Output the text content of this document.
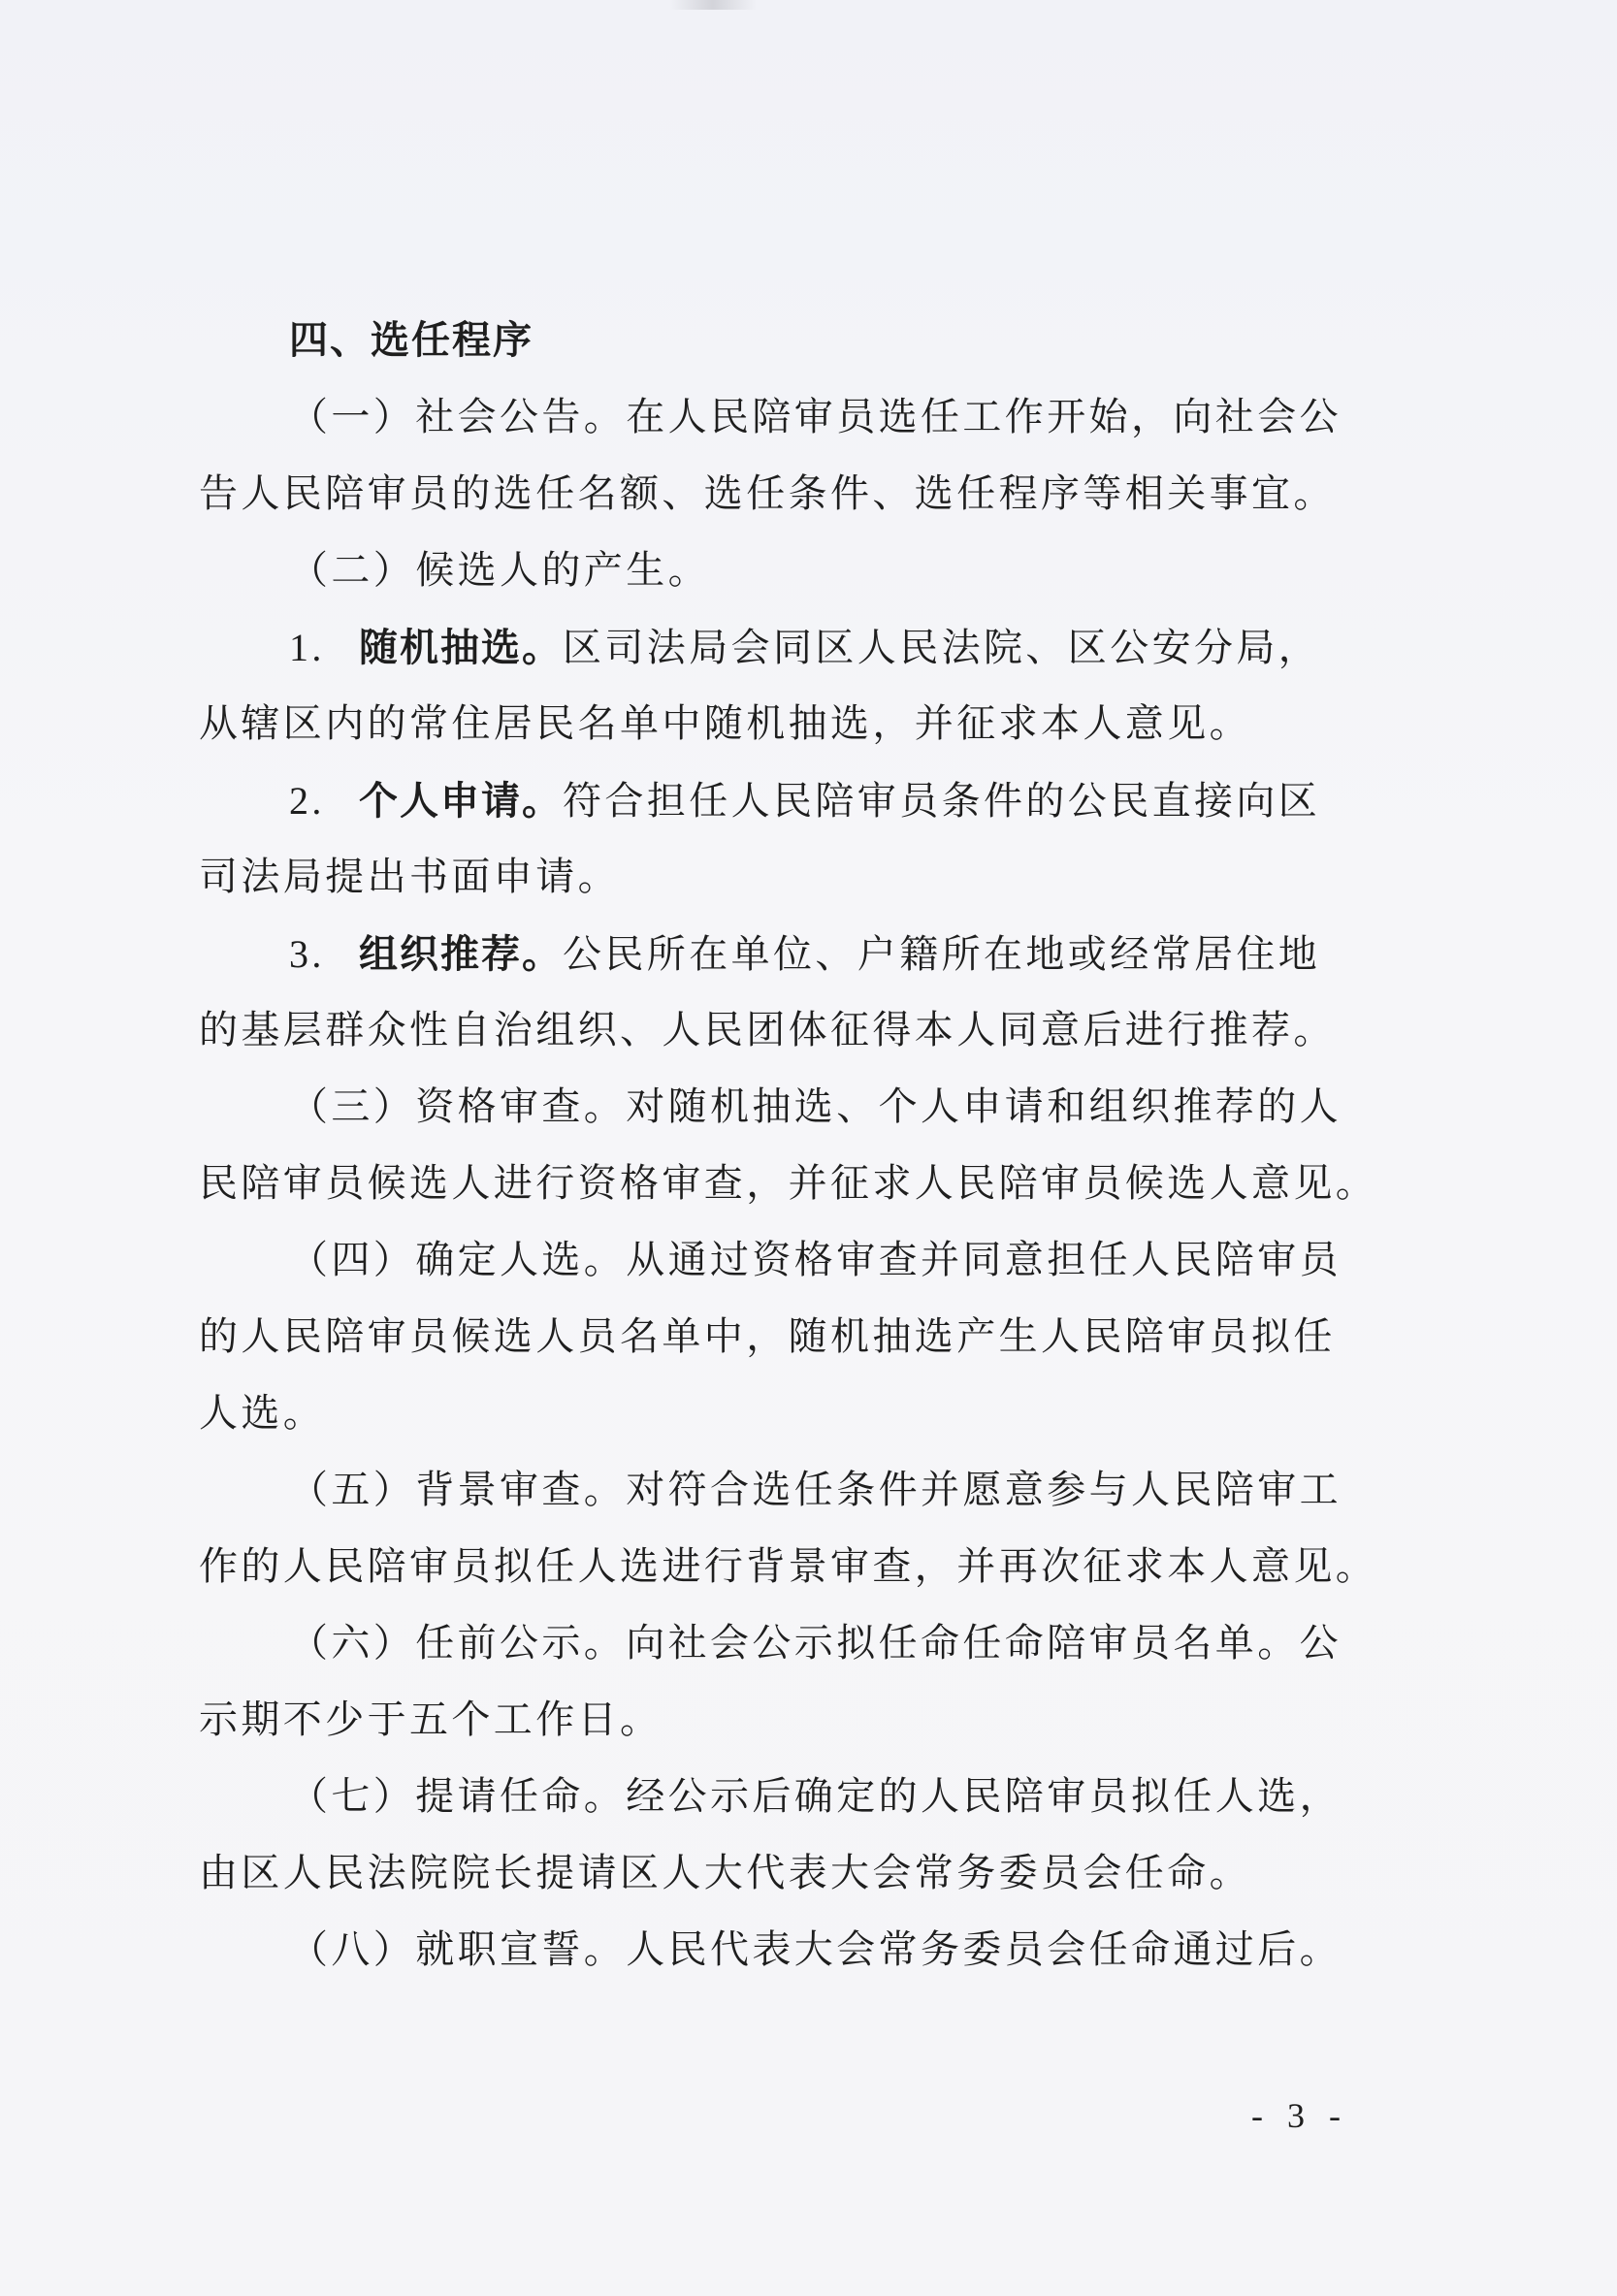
四、选任程序
（一）社会公告。在人民陪审员选任工作开始，向社会公
告人民陪审员的选任名额、选任条件、选任程序等相关事宜。
（二）候选人的产生。
1. 随机抽选。区司法局会同区人民法院、区公安分局，
从辖区内的常住居民名单中随机抽选，并征求本人意见。
2. 个人申请。符合担任人民陪审员条件的公民直接向区
司法局提出书面申请。
3. 组织推荐。公民所在单位、户籍所在地或经常居住地
的基层群众性自治组织、人民团体征得本人同意后进行推荐。
（三）资格审查。对随机抽选、个人申请和组织推荐的人
民陪审员候选人进行资格审查，并征求人民陪审员候选人意见。
（四）确定人选。从通过资格审查并同意担任人民陪审员
的人民陪审员候选人员名单中，随机抽选产生人民陪审员拟任
人选。
（五）背景审查。对符合选任条件并愿意参与人民陪审工
作的人民陪审员拟任人选进行背景审查，并再次征求本人意见。
（六）任前公示。向社会公示拟任命任命陪审员名单。公
示期不少于五个工作日。
（七）提请任命。经公示后确定的人民陪审员拟任人选，
由区人民法院院长提请区人大代表大会常务委员会任命。
（八）就职宣誓。人民代表大会常务委员会任命通过后。
- 3 -
